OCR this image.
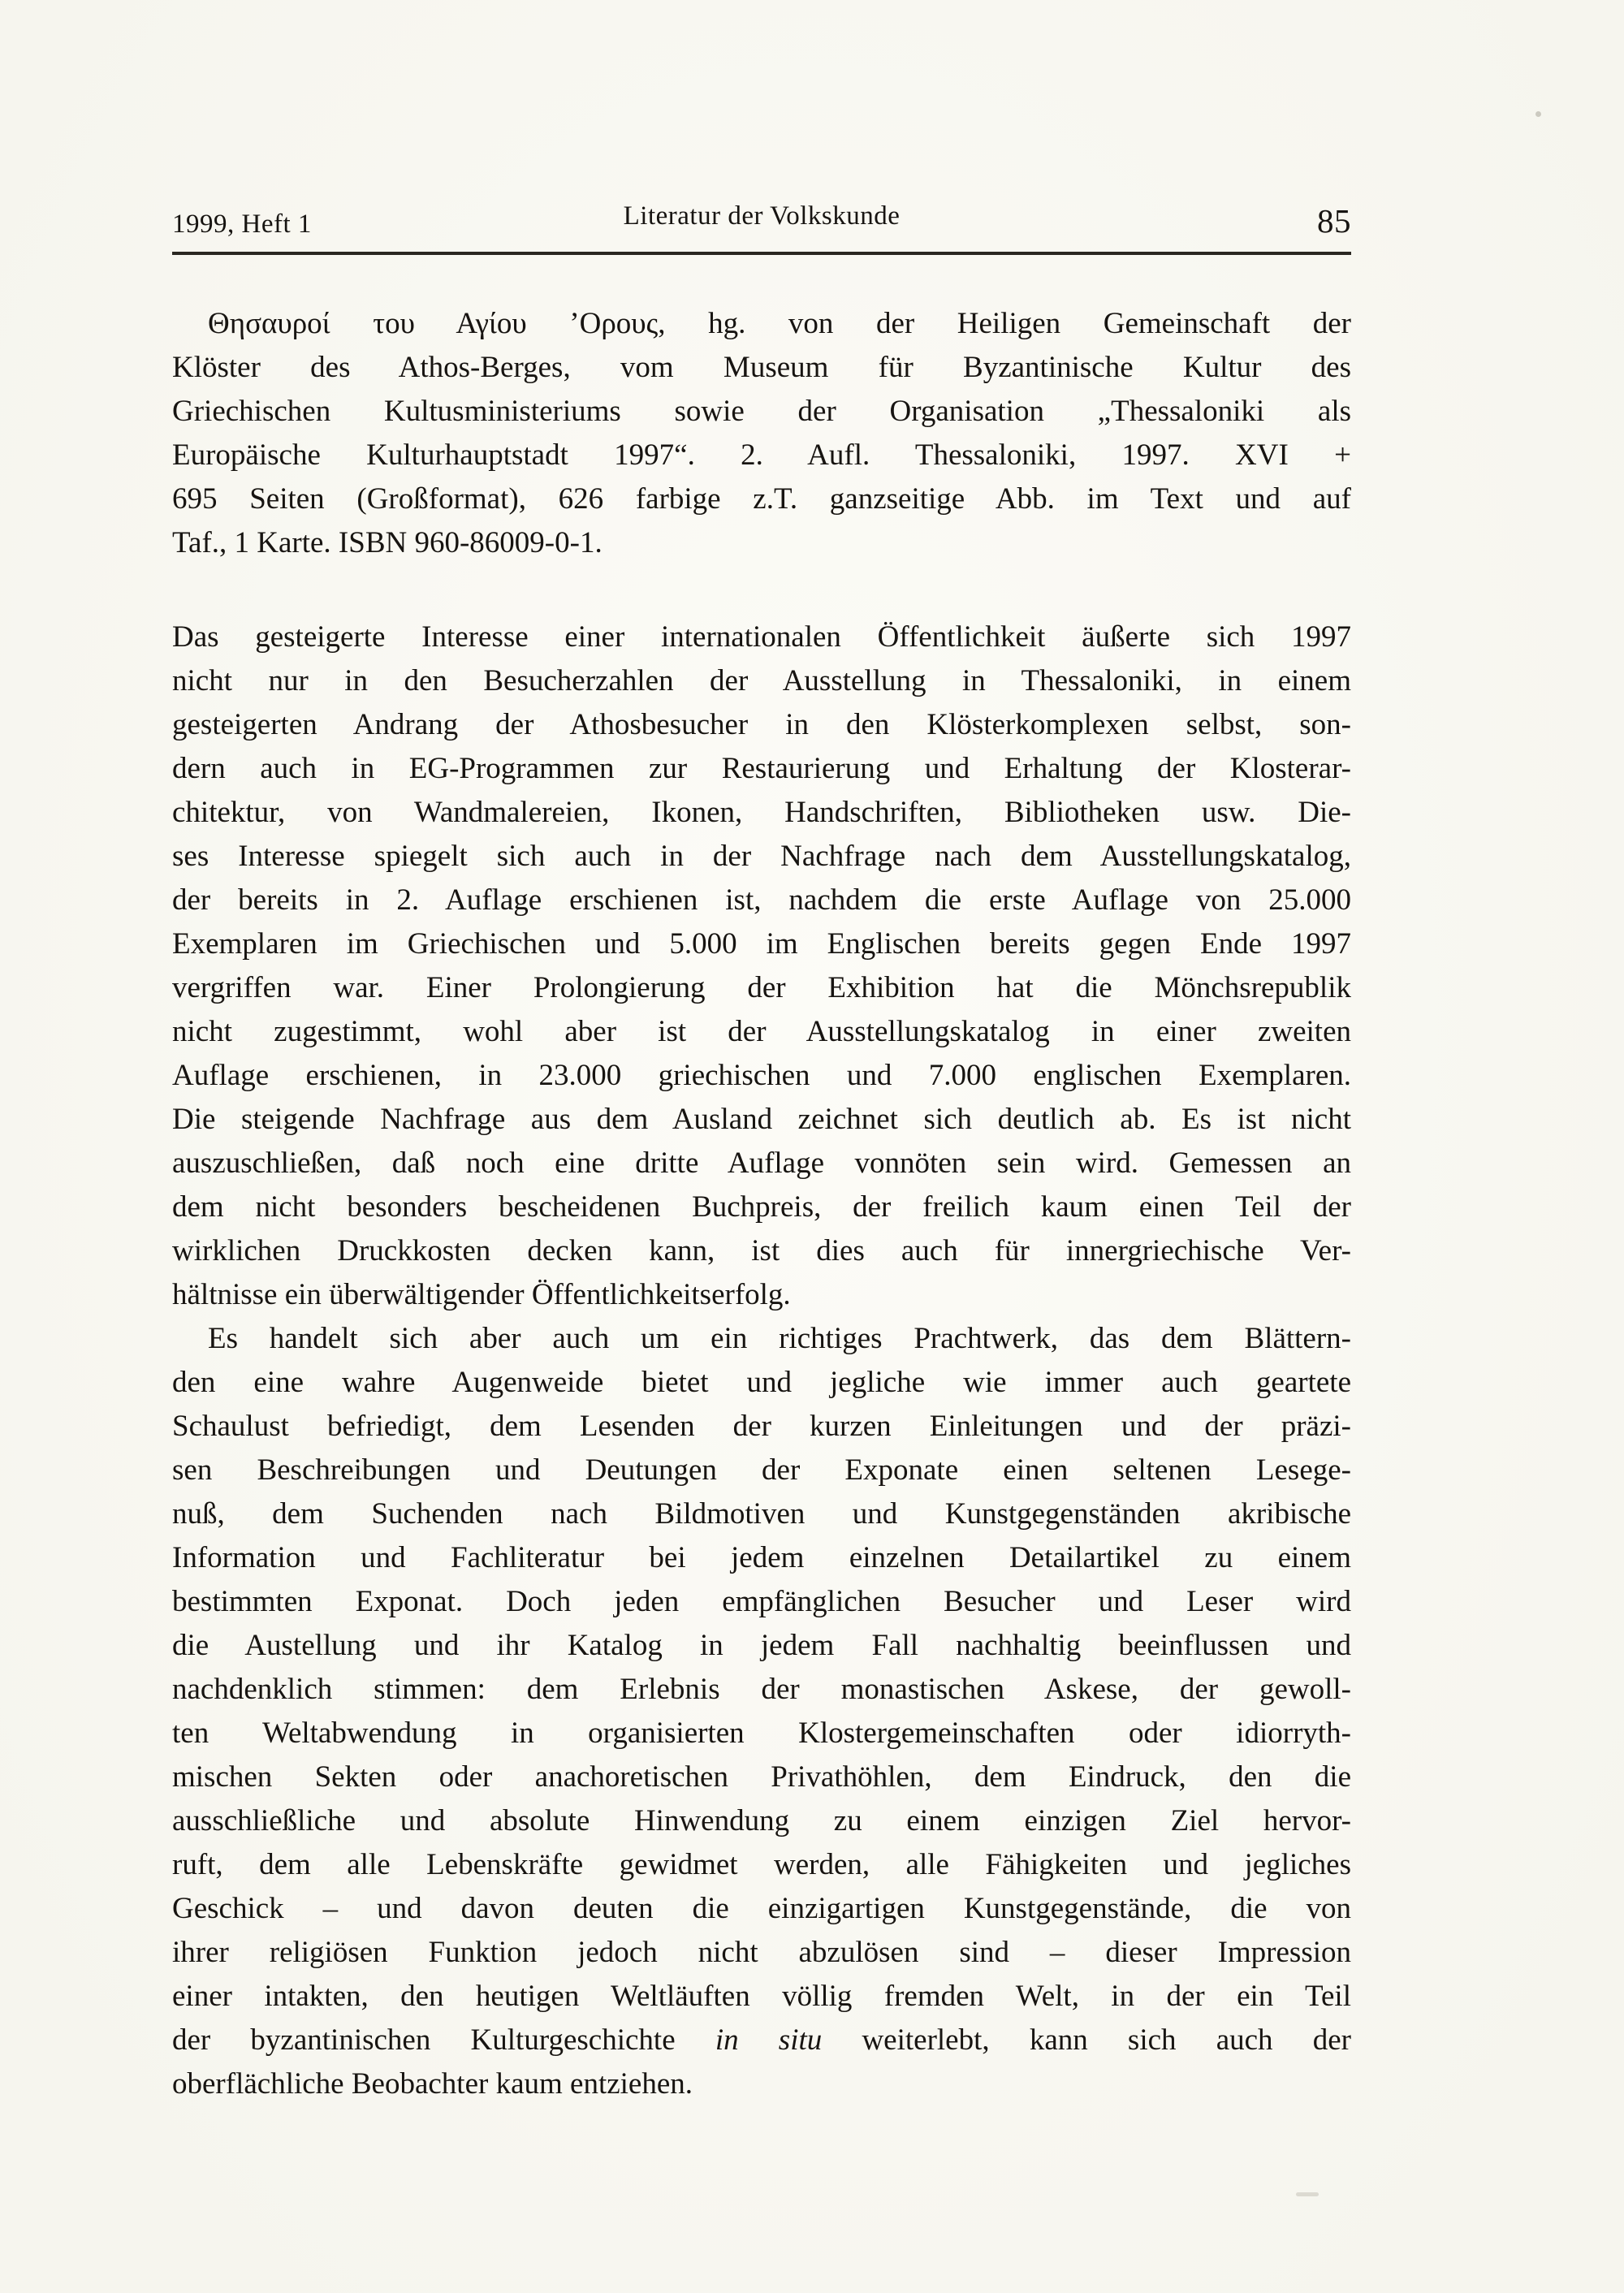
1999, Heft 1	Literatur der Volkskunde	85
Θησαυροί του Αγίου ’Ορους, hg. von der Heiligen Gemeinschaft der
Klöster des Athos-Berges, vom Museum für Byzantinische Kultur des
Griechischen Kultusministeriums sowie der Organisation „Thessaloniki als
Europäische Kulturhauptstadt 1997“. 2. Aufl. Thessaloniki, 1997. XVI +
695 Seiten (Großformat), 626 farbige z.T. ganzseitige Abb. im Text und auf
Taf., 1 Karte. ISBN 960-86009-0-1.
Das gesteigerte Interesse einer internationalen Öffentlichkeit äußerte sich 1997
nicht nur in den Besucherzahlen der Ausstellung in Thessaloniki, in einem
gesteigerten Andrang der Athosbesucher in den Klösterkomplexen selbst, son-
dern auch in EG-Programmen zur Restaurierung und Erhaltung der Klosterar-
chitektur, von Wandmalereien, Ikonen, Handschriften, Bibliotheken usw. Die-
ses Interesse spiegelt sich auch in der Nachfrage nach dem Ausstellungskatalog,
der bereits in 2. Auflage erschienen ist, nachdem die erste Auflage von 25.000
Exemplaren im Griechischen und 5.000 im Englischen bereits gegen Ende 1997
vergriffen war. Einer Prolongierung der Exhibition hat die Mönchsrepublik
nicht zugestimmt, wohl aber ist der Ausstellungskatalog in einer zweiten
Auflage erschienen, in 23.000 griechischen und 7.000 englischen Exemplaren.
Die steigende Nachfrage aus dem Ausland zeichnet sich deutlich ab. Es ist nicht
auszuschließen, daß noch eine dritte Auflage vonnöten sein wird. Gemessen an
dem nicht besonders bescheidenen Buchpreis, der freilich kaum einen Teil der
wirklichen Druckkosten decken kann, ist dies auch für innergriechische Ver-
hältnisse ein überwältigender Öffentlichkeitserfolg.
Es handelt sich aber auch um ein richtiges Prachtwerk, das dem Blättern-
den eine wahre Augenweide bietet und jegliche wie immer auch geartete
Schaulust befriedigt, dem Lesenden der kurzen Einleitungen und der präzi-
sen Beschreibungen und Deutungen der Exponate einen seltenen Lesege-
nuß, dem Suchenden nach Bildmotiven und Kunstgegenständen akribische
Information und Fachliteratur bei jedem einzelnen Detailartikel zu einem
bestimmten Exponat. Doch jeden empfänglichen Besucher und Leser wird
die Austellung und ihr Katalog in jedem Fall nachhaltig beeinflussen und
nachdenklich stimmen: dem Erlebnis der monastischen Askese, der gewoll-
ten Weltabwendung in organisierten Klostergemeinschaften oder idiorryth-
mischen Sekten oder anachoretischen Privathöhlen, dem Eindruck, den die
ausschließliche und absolute Hinwendung zu einem einzigen Ziel hervor-
ruft, dem alle Lebenskräfte gewidmet werden, alle Fähigkeiten und jegliches
Geschick – und davon deuten die einzigartigen Kunstgegenstände, die von
ihrer religiösen Funktion jedoch nicht abzulösen sind – dieser Impression
einer intakten, den heutigen Weltläuften völlig fremden Welt, in der ein Teil
der byzantinischen Kulturgeschichte in situ weiterlebt, kann sich auch der
oberflächliche Beobachter kaum entziehen.
